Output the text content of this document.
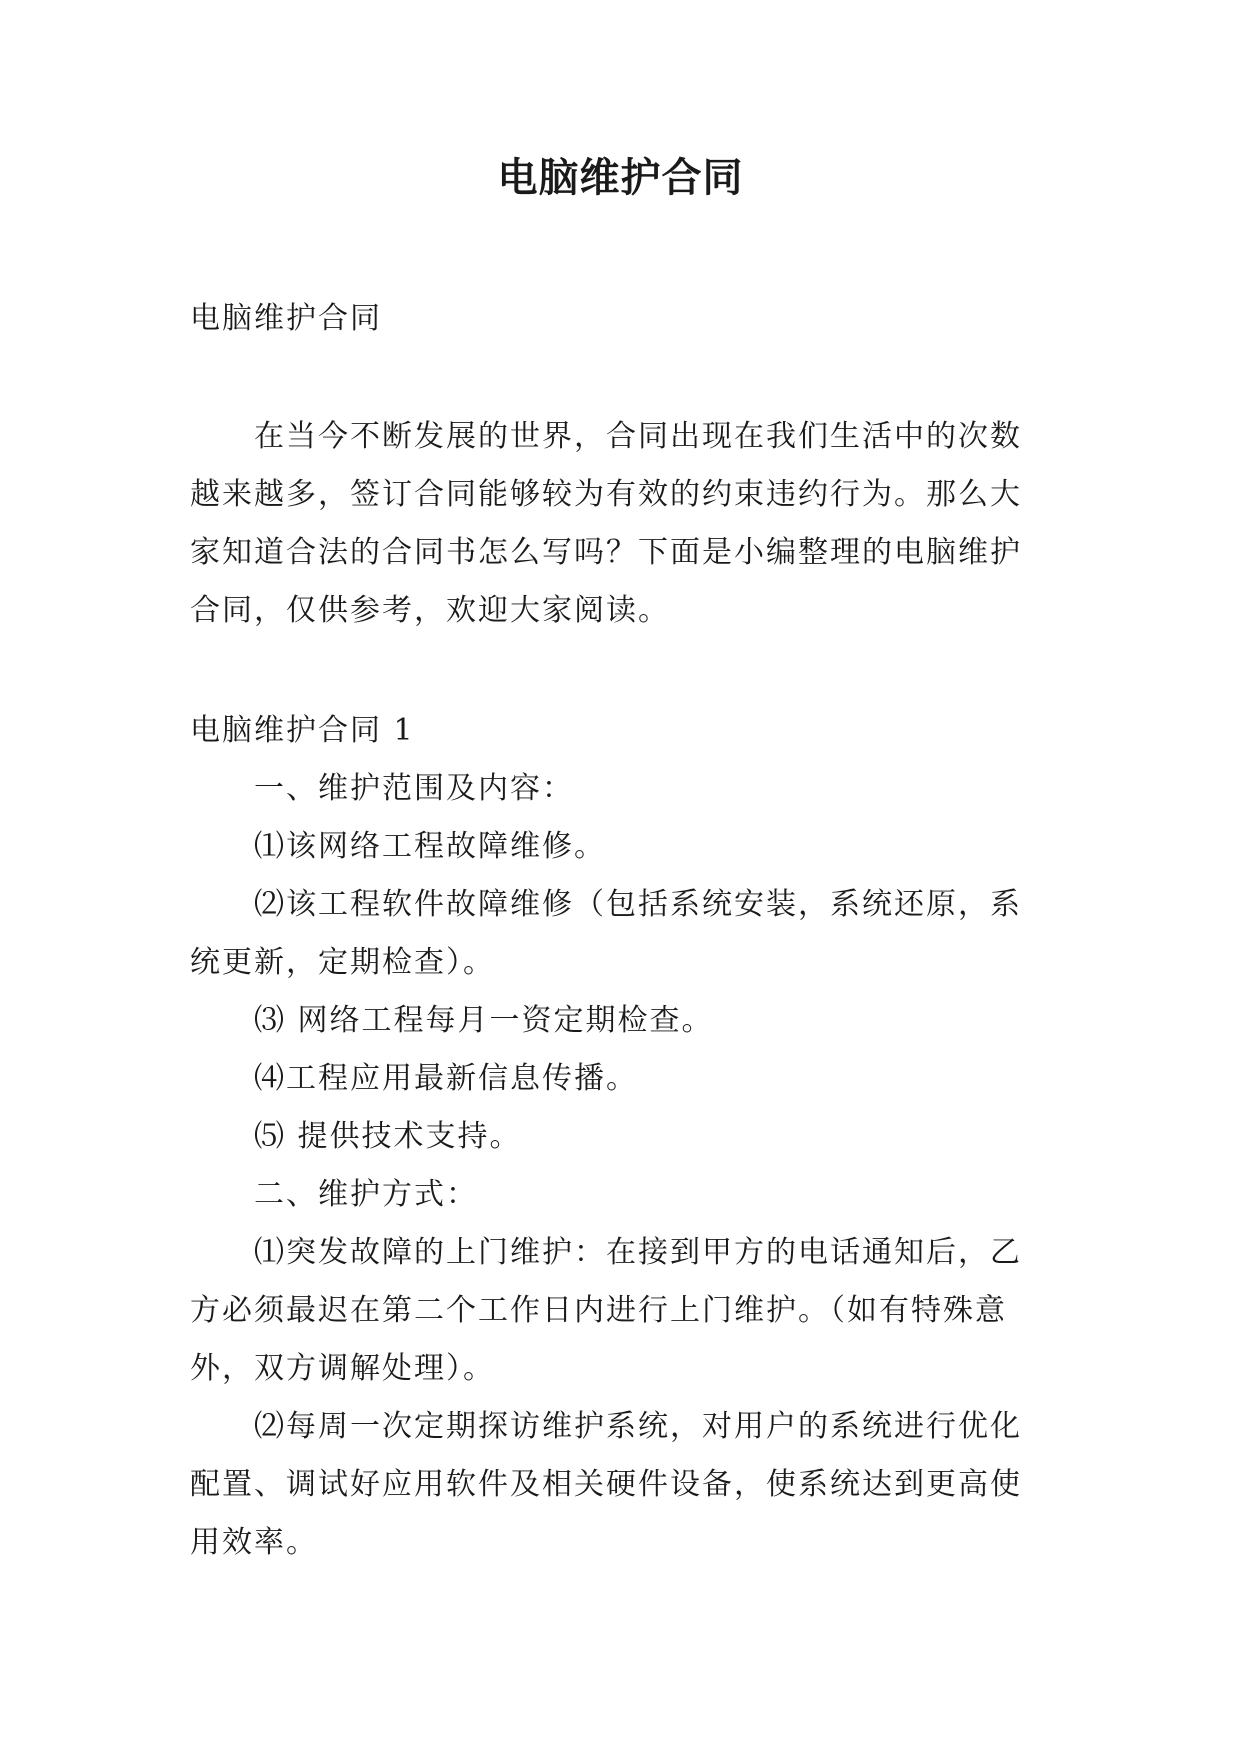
电脑维护合同

电脑维护合同

在当今不断发展的世界，合同出现在我们生活中的次数越来越多，签订合同能够较为有效的约束违约行为。那么大家知道合法的合同书怎么写吗？下面是小编整理的电脑维护合同，仅供参考，欢迎大家阅读。

电脑维护合同 1

一、维护范围及内容：

⑴该网络工程故障维修。

⑵该工程软件故障维修（包括系统安装，系统还原，系统更新，定期检查）。

⑶ 网络工程每月一资定期检查。

⑷工程应用最新信息传播。

⑸ 提供技术支持。

二、维护方式：

⑴突发故障的上门维护：在接到甲方的电话通知后，乙方必须最迟在第二个工作日内进行上门维护。（如有特殊意外，双方调解处理）。

⑵每周一次定期探访维护系统，对用户的系统进行优化配置、调试好应用软件及相关硬件设备，使系统达到更高使用效率。
